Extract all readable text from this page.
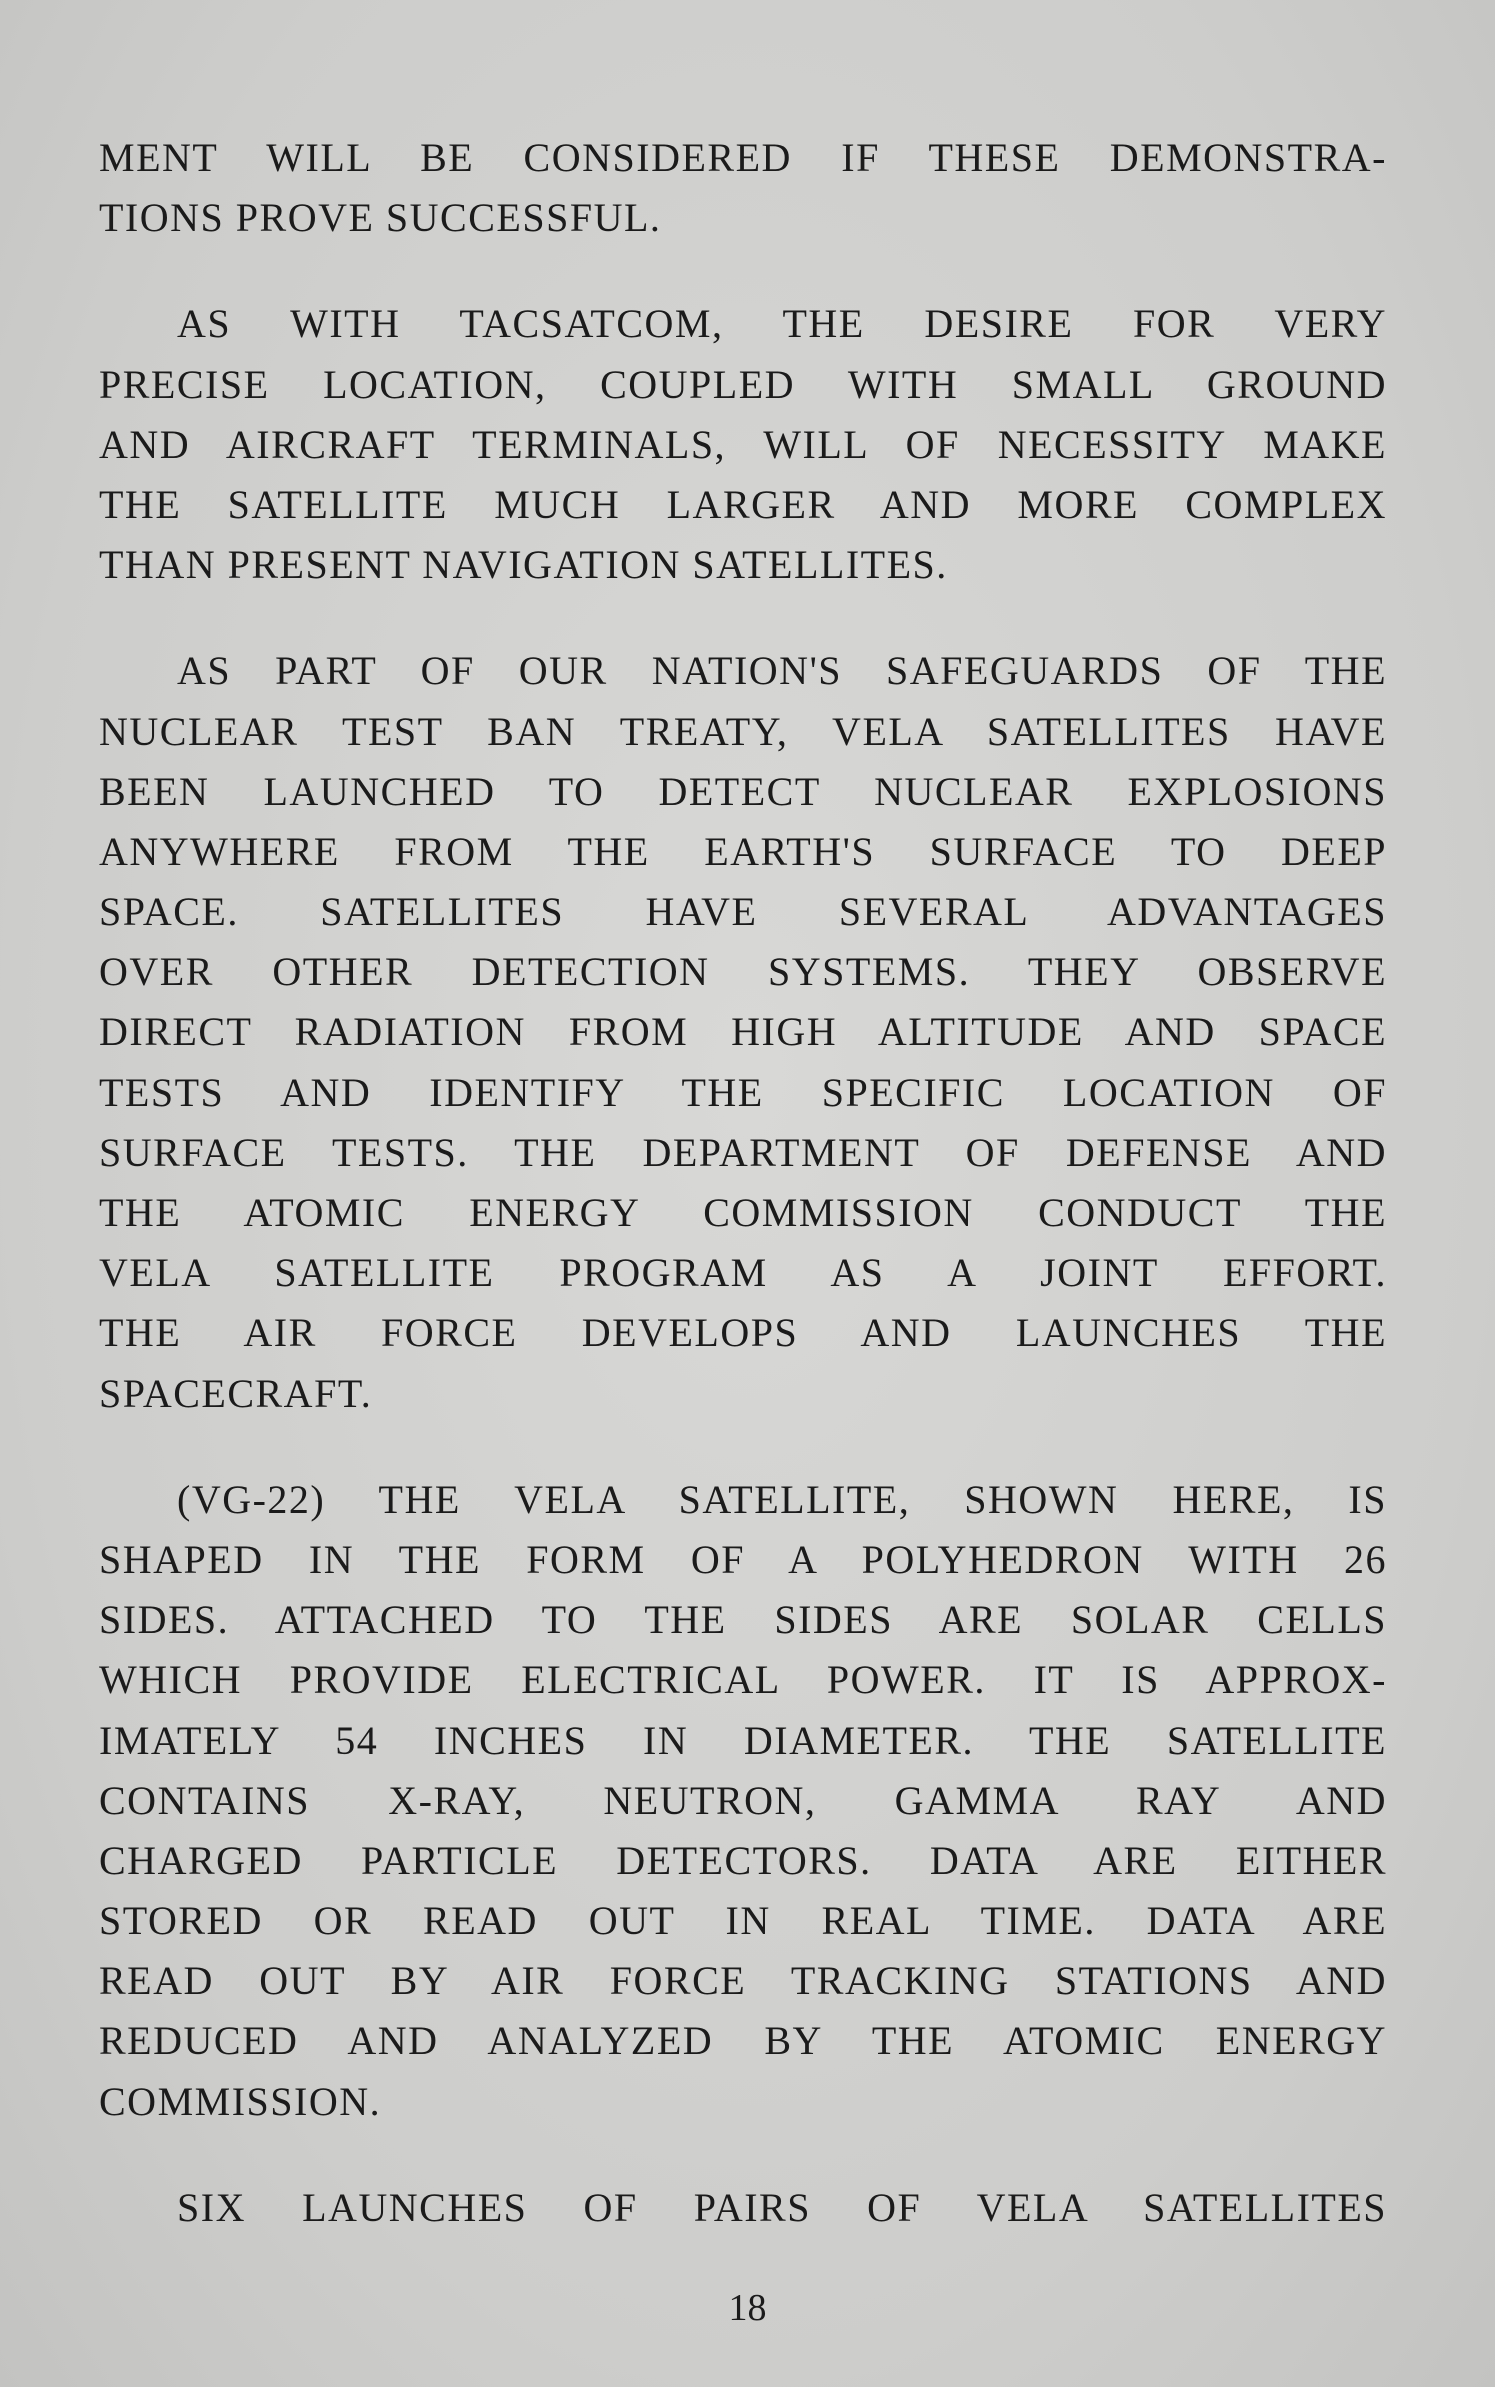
MENT WILL BE CONSIDERED IF THESE DEMONSTRA-
TIONS PROVE SUCCESSFUL.
AS WITH TACSATCOM, THE DESIRE FOR VERY
PRECISE LOCATION, COUPLED WITH SMALL GROUND
AND AIRCRAFT TERMINALS, WILL OF NECESSITY MAKE
THE SATELLITE MUCH LARGER AND MORE COMPLEX
THAN PRESENT NAVIGATION SATELLITES.
AS PART OF OUR NATION'S SAFEGUARDS OF THE
NUCLEAR TEST BAN TREATY, VELA SATELLITES HAVE
BEEN LAUNCHED TO DETECT NUCLEAR EXPLOSIONS
ANYWHERE FROM THE EARTH'S SURFACE TO DEEP
SPACE. SATELLITES HAVE SEVERAL ADVANTAGES
OVER OTHER DETECTION SYSTEMS. THEY OBSERVE
DIRECT RADIATION FROM HIGH ALTITUDE AND SPACE
TESTS AND IDENTIFY THE SPECIFIC LOCATION OF
SURFACE TESTS. THE DEPARTMENT OF DEFENSE AND
THE ATOMIC ENERGY COMMISSION CONDUCT THE
VELA SATELLITE PROGRAM AS A JOINT EFFORT.
THE AIR FORCE DEVELOPS AND LAUNCHES THE
SPACECRAFT.
(VG-22) THE VELA SATELLITE, SHOWN HERE, IS
SHAPED IN THE FORM OF A POLYHEDRON WITH 26
SIDES. ATTACHED TO THE SIDES ARE SOLAR CELLS
WHICH PROVIDE ELECTRICAL POWER. IT IS APPROX-
IMATELY 54 INCHES IN DIAMETER. THE SATELLITE
CONTAINS X-RAY, NEUTRON, GAMMA RAY AND
CHARGED PARTICLE DETECTORS. DATA ARE EITHER
STORED OR READ OUT IN REAL TIME. DATA ARE
READ OUT BY AIR FORCE TRACKING STATIONS AND
REDUCED AND ANALYZED BY THE ATOMIC ENERGY
COMMISSION.
SIX LAUNCHES OF PAIRS OF VELA SATELLITES
18
